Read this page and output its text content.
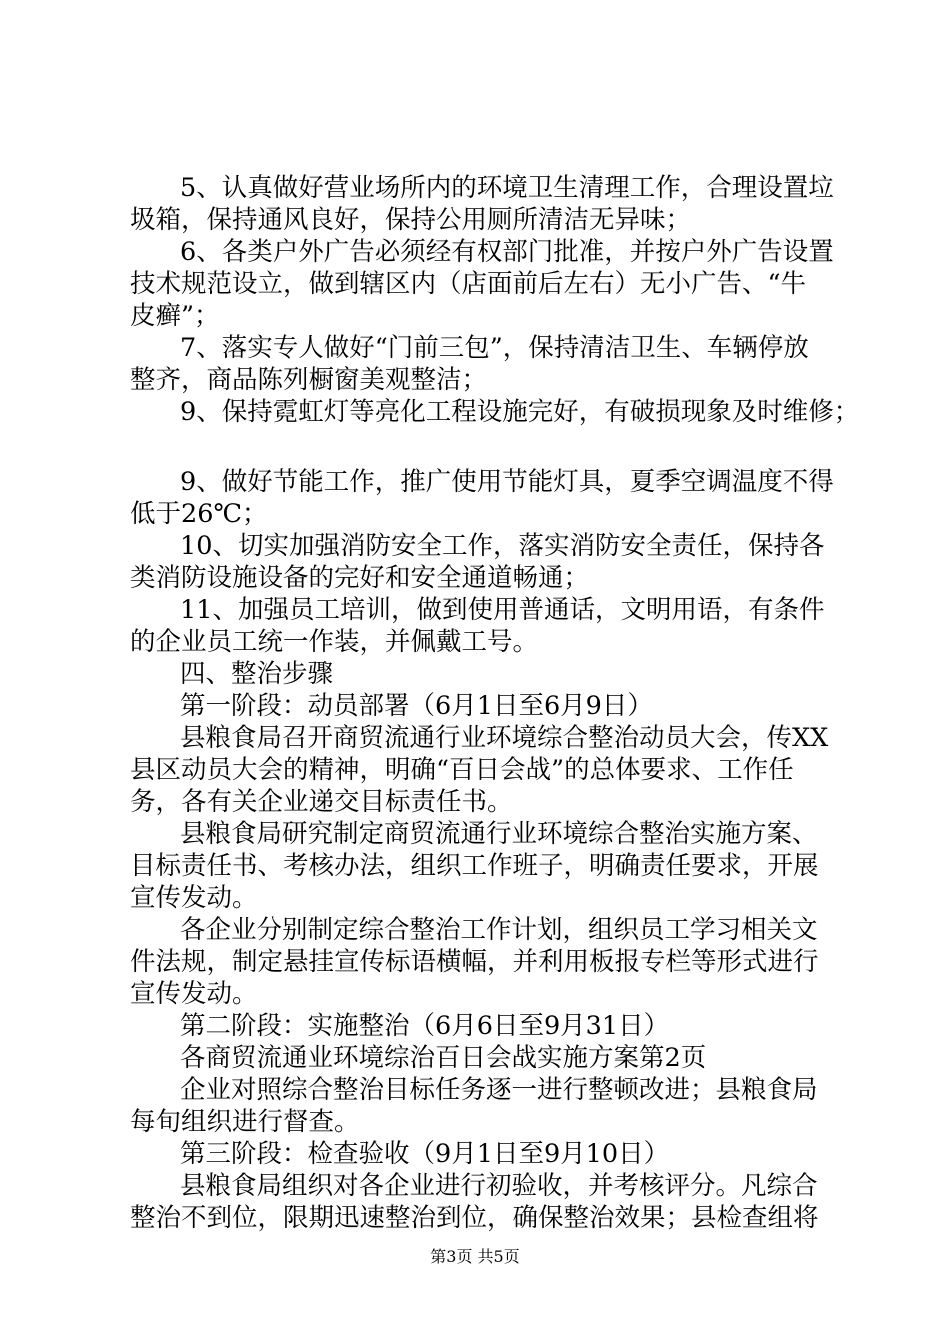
5、认真做好营业场所内的环境卫生清理工作，合理设置垃
圾箱，保持通风良好，保持公用厕所清洁无异味；

6、各类户外广告必须经有权部门批准，并按户外广告设置
技术规范设立，做到辖区内（店面前后左右）无小广告、“牛
皮癣”；

7、落实专人做好“门前三包”，保持清洁卫生、车辆停放
整齐，商品陈列橱窗美观整洁；

9、保持霓虹灯等亮化工程设施完好，有破损现象及时维修；

9、做好节能工作，推广使用节能灯具，夏季空调温度不得
低于26℃；

10、切实加强消防安全工作，落实消防安全责任，保持各
类消防设施设备的完好和安全通道畅通；

11、加强员工培训，做到使用普通话，文明用语，有条件
的企业员工统一作装，并佩戴工号。

四、整治步骤

第一阶段：动员部署（6月1日至6月9日）

县粮食局召开商贸流通行业环境综合整治动员大会，传XX
县区动员大会的精神，明确“百日会战”的总体要求、工作任
务，各有关企业递交目标责任书。

县粮食局研究制定商贸流通行业环境综合整治实施方案、
目标责任书、考核办法，组织工作班子，明确责任要求，开展
宣传发动。

各企业分别制定综合整治工作计划，组织员工学习相关文
件法规，制定悬挂宣传标语横幅，并利用板报专栏等形式进行
宣传发动。

第二阶段：实施整治（6月6日至9月31日）

各商贸流通业环境综治百日会战实施方案第2页

企业对照综合整治目标任务逐一进行整顿改进；县粮食局
每旬组织进行督查。

第三阶段：检查验收（9月1日至9月10日）

县粮食局组织对各企业进行初验收，并考核评分。凡综合
整治不到位，限期迅速整治到位，确保整治效果；县检查组将

第3页 共5页
